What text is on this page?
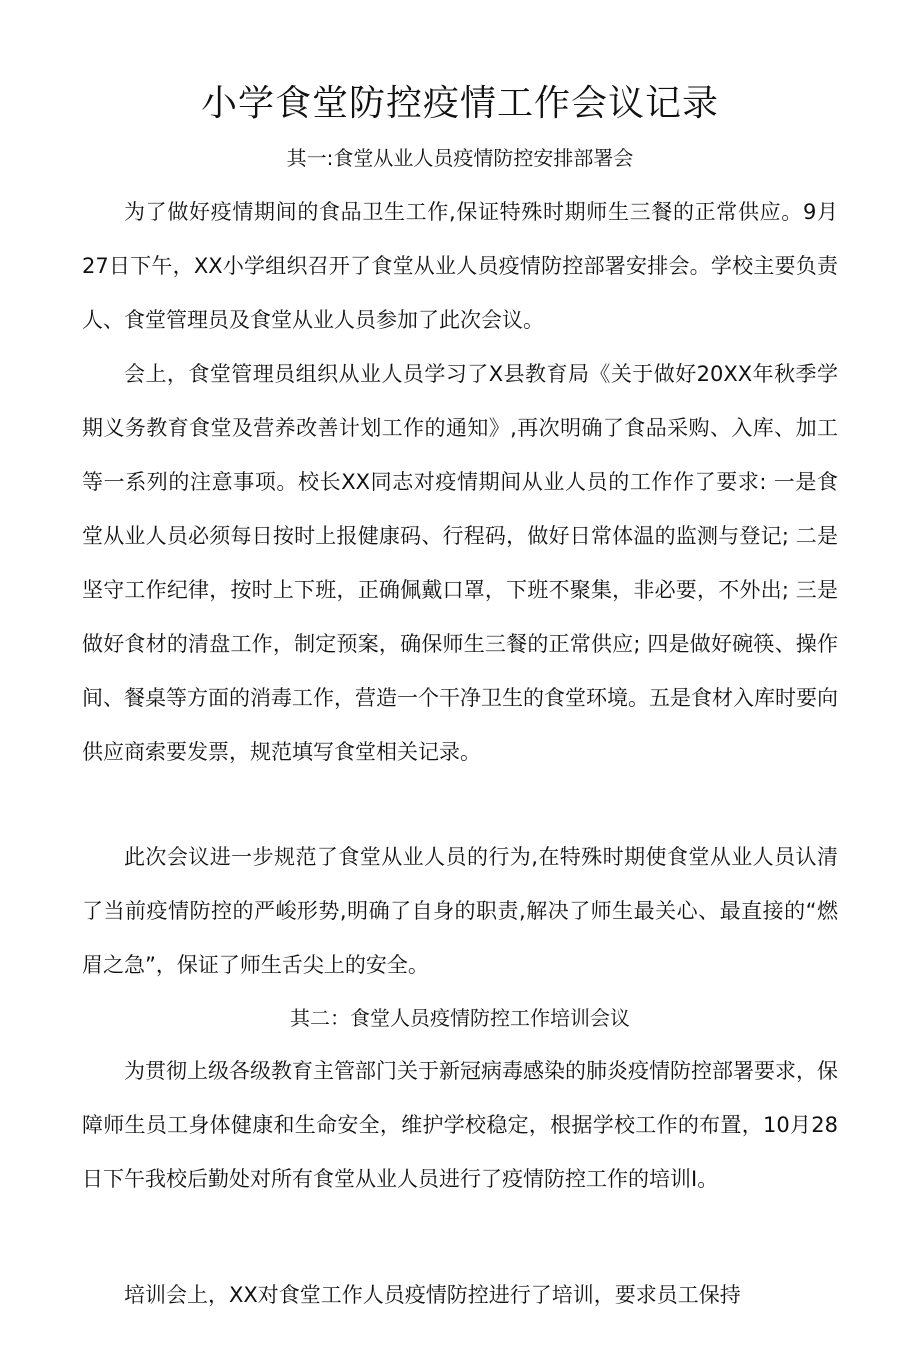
小学食堂防控疫情工作会议记录
其一:食堂从业人员疫情防控安排部署会

为了做好疫情期间的食品卫生工作,保证特殊时期师生三餐的正常供应。9月27日下午，XX小学组织召开了食堂从业人员疫情防控部署安排会。学校主要负责人、食堂管理员及食堂从业人员参加了此次会议。

会上，食堂管理员组织从业人员学习了X县教育局《关于做好20XX年秋季学期义务教育食堂及营养改善计划工作的通知》,再次明确了食品采购、入库、加工等一系列的注意事项。校长XX同志对疫情期间从业人员的工作作了要求: 一是食堂从业人员必须每日按时上报健康码、行程码，做好日常体温的监测与登记; 二是坚守工作纪律，按时上下班，正确佩戴口罩，下班不聚集，非必要，不外出; 三是做好食材的清盘工作，制定预案，确保师生三餐的正常供应; 四是做好碗筷、操作间、餐桌等方面的消毒工作，营造一个干净卫生的食堂环境。五是食材入库时要向供应商索要发票，规范填写食堂相关记录。

此次会议进一步规范了食堂从业人员的行为,在特殊时期使食堂从业人员认清了当前疫情防控的严峻形势,明确了自身的职责,解决了师生最关心、最直接的“燃眉之急”，保证了师生舌尖上的安全。

其二：食堂人员疫情防控工作培训会议

为贯彻上级各级教育主管部门关于新冠病毒感染的肺炎疫情防控部署要求，保障师生员工身体健康和生命安全，维护学校稳定，根据学校工作的布置，10月28日下午我校后勤处对所有食堂从业人员进行了疫情防控工作的培训I。

培训会上，XX对食堂工作人员疫情防控进行了培训，要求员工保持
